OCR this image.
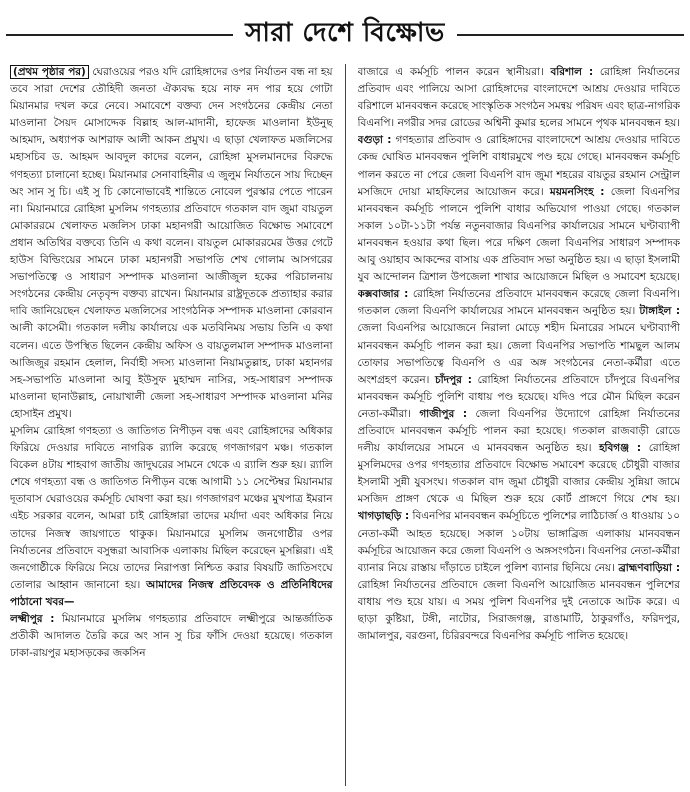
সারা দেশে বিক্ষোভ

(প্রথম পৃষ্ঠার পর) ঘেরাওয়ের পরও যদি রোহিঙ্গাদের ওপর নির্যাতন বন্ধ না হয় তবে সারা দেশের তৌহিদী জনতা ঐক্যবদ্ধ হয়ে নাফ নদ পার হয়ে গোটা মিয়ানমার দখল করে নেবে। সমাবেশে বক্তব্য দেন সংগঠনের কেন্দ্রীয় নেতা মাওলানা সৈয়দ মোসাদ্দেক বিল্লাহ আল-মাদানী, হাফেজ মাওলানা ইউনুছ আহমাদ, অধ্যাপক আশরাফ আলী আকন প্রমুখ। এ ছাড়া খেলাফত মজলিসের মহাসচিব ড. আহমদ আবদুল কাদের বলেন, রোহিঙ্গা মুসলমানদের বিরুদ্ধে গণহত্যা চালানো হচ্ছে। মিয়ানমার সেনাবাহিনীর এ জুলুম নির্যাতনে সায় দিচ্ছেন অং সান সু চি। এই সু চি কোনোভাবেই শান্তিতে নোবেল পুরস্কার পেতে পারেন না। মিয়ানমারে রোহিঙ্গা মুসলিম গণহত্যার প্রতিবাদে গতকাল বাদ জুমা বায়তুল মোকাররমে খেলাফত মজলিস ঢাকা মহানগরী আয়োজিত বিক্ষোভ সমাবেশে প্রধান অতিথির বক্তব্যে তিনি এ কথা বলেন। বায়তুল মোকাররমের উত্তর গেটে হাউস বিল্ডিংয়ের সামনে ঢাকা মহানগরী সভাপতি শেখ গোলাম আসগরের সভাপতিত্বে ও সাধারণ সম্পাদক মাওলানা আজীজুল হকের পরিচালনায় সংগঠনের কেন্দ্রীয় নেতৃবৃন্দ বক্তব্য রাখেন। মিয়ানমার রাষ্ট্রদূতকে প্রত্যাহার করার দাবি জানিয়েছেন খেলাফত মজলিসের সাংগঠনিক সম্পাদক মাওলানা কোরবান আলী কাসেমী। গতকাল দলীয় কার্যালয়ে এক মতবিনিময় সভায় তিনি এ কথা বলেন। এতে উপস্থিত ছিলেন কেন্দ্রীয় অফিস ও বায়তুলমাল সম্পাদক মাওলানা আজিজুর রহমান হেলাল, নির্বাহী সদস্য মাওলানা নিয়ামতুল্লাহ, ঢাকা মহানগর সহ-সভাপতি মাওলানা আবু ইউসুফ মুহাম্মদ নাসির, সহ-সাধারণ সম্পাদক মাওলানা ছানাউল্লাহ, নোয়াখালী জেলা সহ-সাধারণ সম্পাদক মাওলানা মনির হোসাইন প্রমুখ।

মুসলিম রোহিঙ্গা গণহত্যা ও জাতিগত নিপীড়ন বন্ধ এবং রোহিঙ্গাদের অধিকার ফিরিয়ে দেওয়ার দাবিতে নাগরিক র‌্যালি করেছে গণজাগরণ মঞ্চ। গতকাল বিকেল ৪টায় শাহবাগ জাতীয় জাদুঘরের সামনে থেকে এ র‌্যালি শুরু হয়। র‌্যালি শেষে গণহত্যা বন্ধ ও জাতিগত নিপীড়ন বন্ধে আগামী ১১ সেপ্টেম্বর মিয়ানমার দূতাবাস ঘেরাওয়ের কর্মসূচি ঘোষণা করা হয়। গণজাগরণ মঞ্চের মুখপাত্র ইমরান এইচ সরকার বলেন, আমরা চাই রোহিঙ্গারা তাদের মর্যাদা এবং অধিকার নিয়ে তাদের নিজস্ব জায়গাতে থাকুক। মিয়ানমারে মুসলিম জনগোষ্ঠীর ওপর নির্যাতনের প্রতিবাদে বসুন্ধরা আবাসিক এলাকায় মিছিল করেছেন মুসল্লিরা। এই জনগোষ্ঠীকে ফিরিয়ে নিয়ে তাদের নিরাপত্তা নিশ্চিত করার বিষয়টি জাতিসংঘে তোলার আহ্বান জানানো হয়। আমাদের নিজস্ব প্রতিবেদক ও প্রতিনিধিদের পাঠানো খবর—

লক্ষ্মীপুর : মিয়ানমারে মুসলিম গণহত্যার প্রতিবাদে লক্ষ্মীপুরে আন্তর্জাতিক প্রতীকী আদালত তৈরি করে অং সান সু চির ফাঁসি দেওয়া হয়েছে। গতকাল ঢাকা-রায়পুর মহাসড়কের জকসিন

বাজারে এ কর্মসূচি পালন করেন স্থানীয়রা। বরিশাল : রোহিঙ্গা নির্যাতনের প্রতিবাদ এবং পালিয়ে আসা রোহিঙ্গাদের বাংলাদেশে আশ্রয় দেওয়ার দাবিতে বরিশালে মানববন্ধন করেছে সাংস্কৃতিক সংগঠন সমন্বয় পরিষদ এবং ছাত্র-নাগরিক বিএনপি। নগরীর সদর রোডের অশ্বিনী কুমার হলের সামনে পৃথক মানববন্ধন হয়। বগুড়া : গণহত্যার প্রতিবাদ ও রোহিঙ্গাদের বাংলাদেশে আশ্রয় দেওয়ার দাবিতে কেন্দ্র ঘোষিত মানববন্ধন পুলিশি বাধারমুখে পণ্ড হয়ে গেছে। মানববন্ধন কর্মসূচি পালন করতে না পেরে জেলা বিএনপি বাদ জুমা শহরের বায়তুর রহমান সেন্ট্রাল মসজিদে দোয়া মাহফিলের আয়োজন করে। ময়মনসিংহ : জেলা বিএনপির মানববন্ধন কর্মসূচি পালনে পুলিশি বাধার অভিযোগ পাওয়া গেছে। গতকাল সকাল ১০টা-১১টা পর্যন্ত নতুনবাজার বিএনপির কার্যালয়ের সামনে ঘণ্টাব্যাপী মানববন্ধন হওয়ার কথা ছিল। পরে দক্ষিণ জেলা বিএনপির সাধারণ সম্পাদক আবু ওয়াহাব আকন্দের বাসায় এক প্রতিবাদ সভা অনুষ্ঠিত হয়। এ ছাড়া ইসলামী যুব আন্দোলন ত্রিশাল উপজেলা শাখার আয়োজনে মিছিল ও সমাবেশ হয়েছে। কক্সবাজার : রোহিঙ্গা নির্যাতনের প্রতিবাদে মানববন্ধন করেছে জেলা বিএনপি। গতকাল জেলা বিএনপি কার্যালয়ের সামনে মানববন্ধন অনুষ্ঠিত হয়। টাঙ্গাইল : জেলা বিএনপির আয়োজনে নিরালা মোড়ে শহীদ মিনারের সামনে ঘণ্টাব্যাপী মানববন্ধন কর্মসূচি পালন করা হয়। জেলা বিএনপির সভাপতি শামছুল আলম তোফার সভাপতিত্বে বিএনপি ও এর অঙ্গ সংগঠনের নেতা-কর্মীরা এতে অংশগ্রহণ করেন। চাঁদপুর : রোহিঙ্গা নির্যাতনের প্রতিবাদে চাঁদপুরে বিএনপির মানববন্ধন কর্মসূচি পুলিশি বাধায় পণ্ড হয়েছে। যদিও পরে মৌন মিছিল করেন নেতা-কর্মীরা। গাজীপুর : জেলা বিএনপির উদ্যোগে রোহিঙ্গা নির্যাতনের প্রতিবাদে মানববন্ধন কর্মসূচি পালন করা হয়েছে। গতকাল রাজবাড়ী রোডে দলীয় কার্যালয়ের সামনে এ মানববন্ধন অনুষ্ঠিত হয়। হবিগঞ্জ : রোহিঙ্গা মুসলিমদের ওপর গণহত্যার প্রতিবাদে বিক্ষোভ সমাবেশ করেছে চৌধুরী বাজার ইসলামী সুন্নী যুবসংঘ। গতকাল বাদ জুমা চৌধুরী বাজার কেন্দ্রীয় সুন্নিয়া জামে মসজিদ প্রাঙ্গণ থেকে এ মিছিল শুরু হয়ে কোর্ট প্রাঙ্গণে গিয়ে শেষ হয়। খাগড়াছড়ি : বিএনপির মানববন্ধন কর্মসূচিতে পুলিশের লাঠিচার্জ ও ধাওয়ায় ১০ নেতা-কর্মী আহত হয়েছে। সকাল ১০টায় ভাঙ্গাব্রিজ এলাকায় মানববন্ধন কর্মসূচির আয়োজন করে জেলা বিএনপি ও অঙ্গসংগঠন। বিএনপির নেতা-কর্মীরা ব্যানার নিয়ে রাস্তায় দাঁড়াতে চাইলে পুলিশ ব্যানার ছিনিয়ে নেয়। ব্রাহ্মণবাড়িয়া : রোহিঙ্গা নির্যাতনের প্রতিবাদে জেলা বিএনপি আয়োজিত মানববন্ধন পুলিশের বাধায় পণ্ড হয়ে যায়। এ সময় পুলিশ বিএনপির দুই নেতাকে আটক করে। এ ছাড়া কুষ্টিয়া, টঙ্গী, নাটোর, সিরাজগঞ্জ, রাঙামাটি, ঠাকুরগাঁও, ফরিদপুর, জামালপুর, বরগুনা, চিরিরবন্দরে বিএনপির কর্মসূচি পালিত হয়েছে।
